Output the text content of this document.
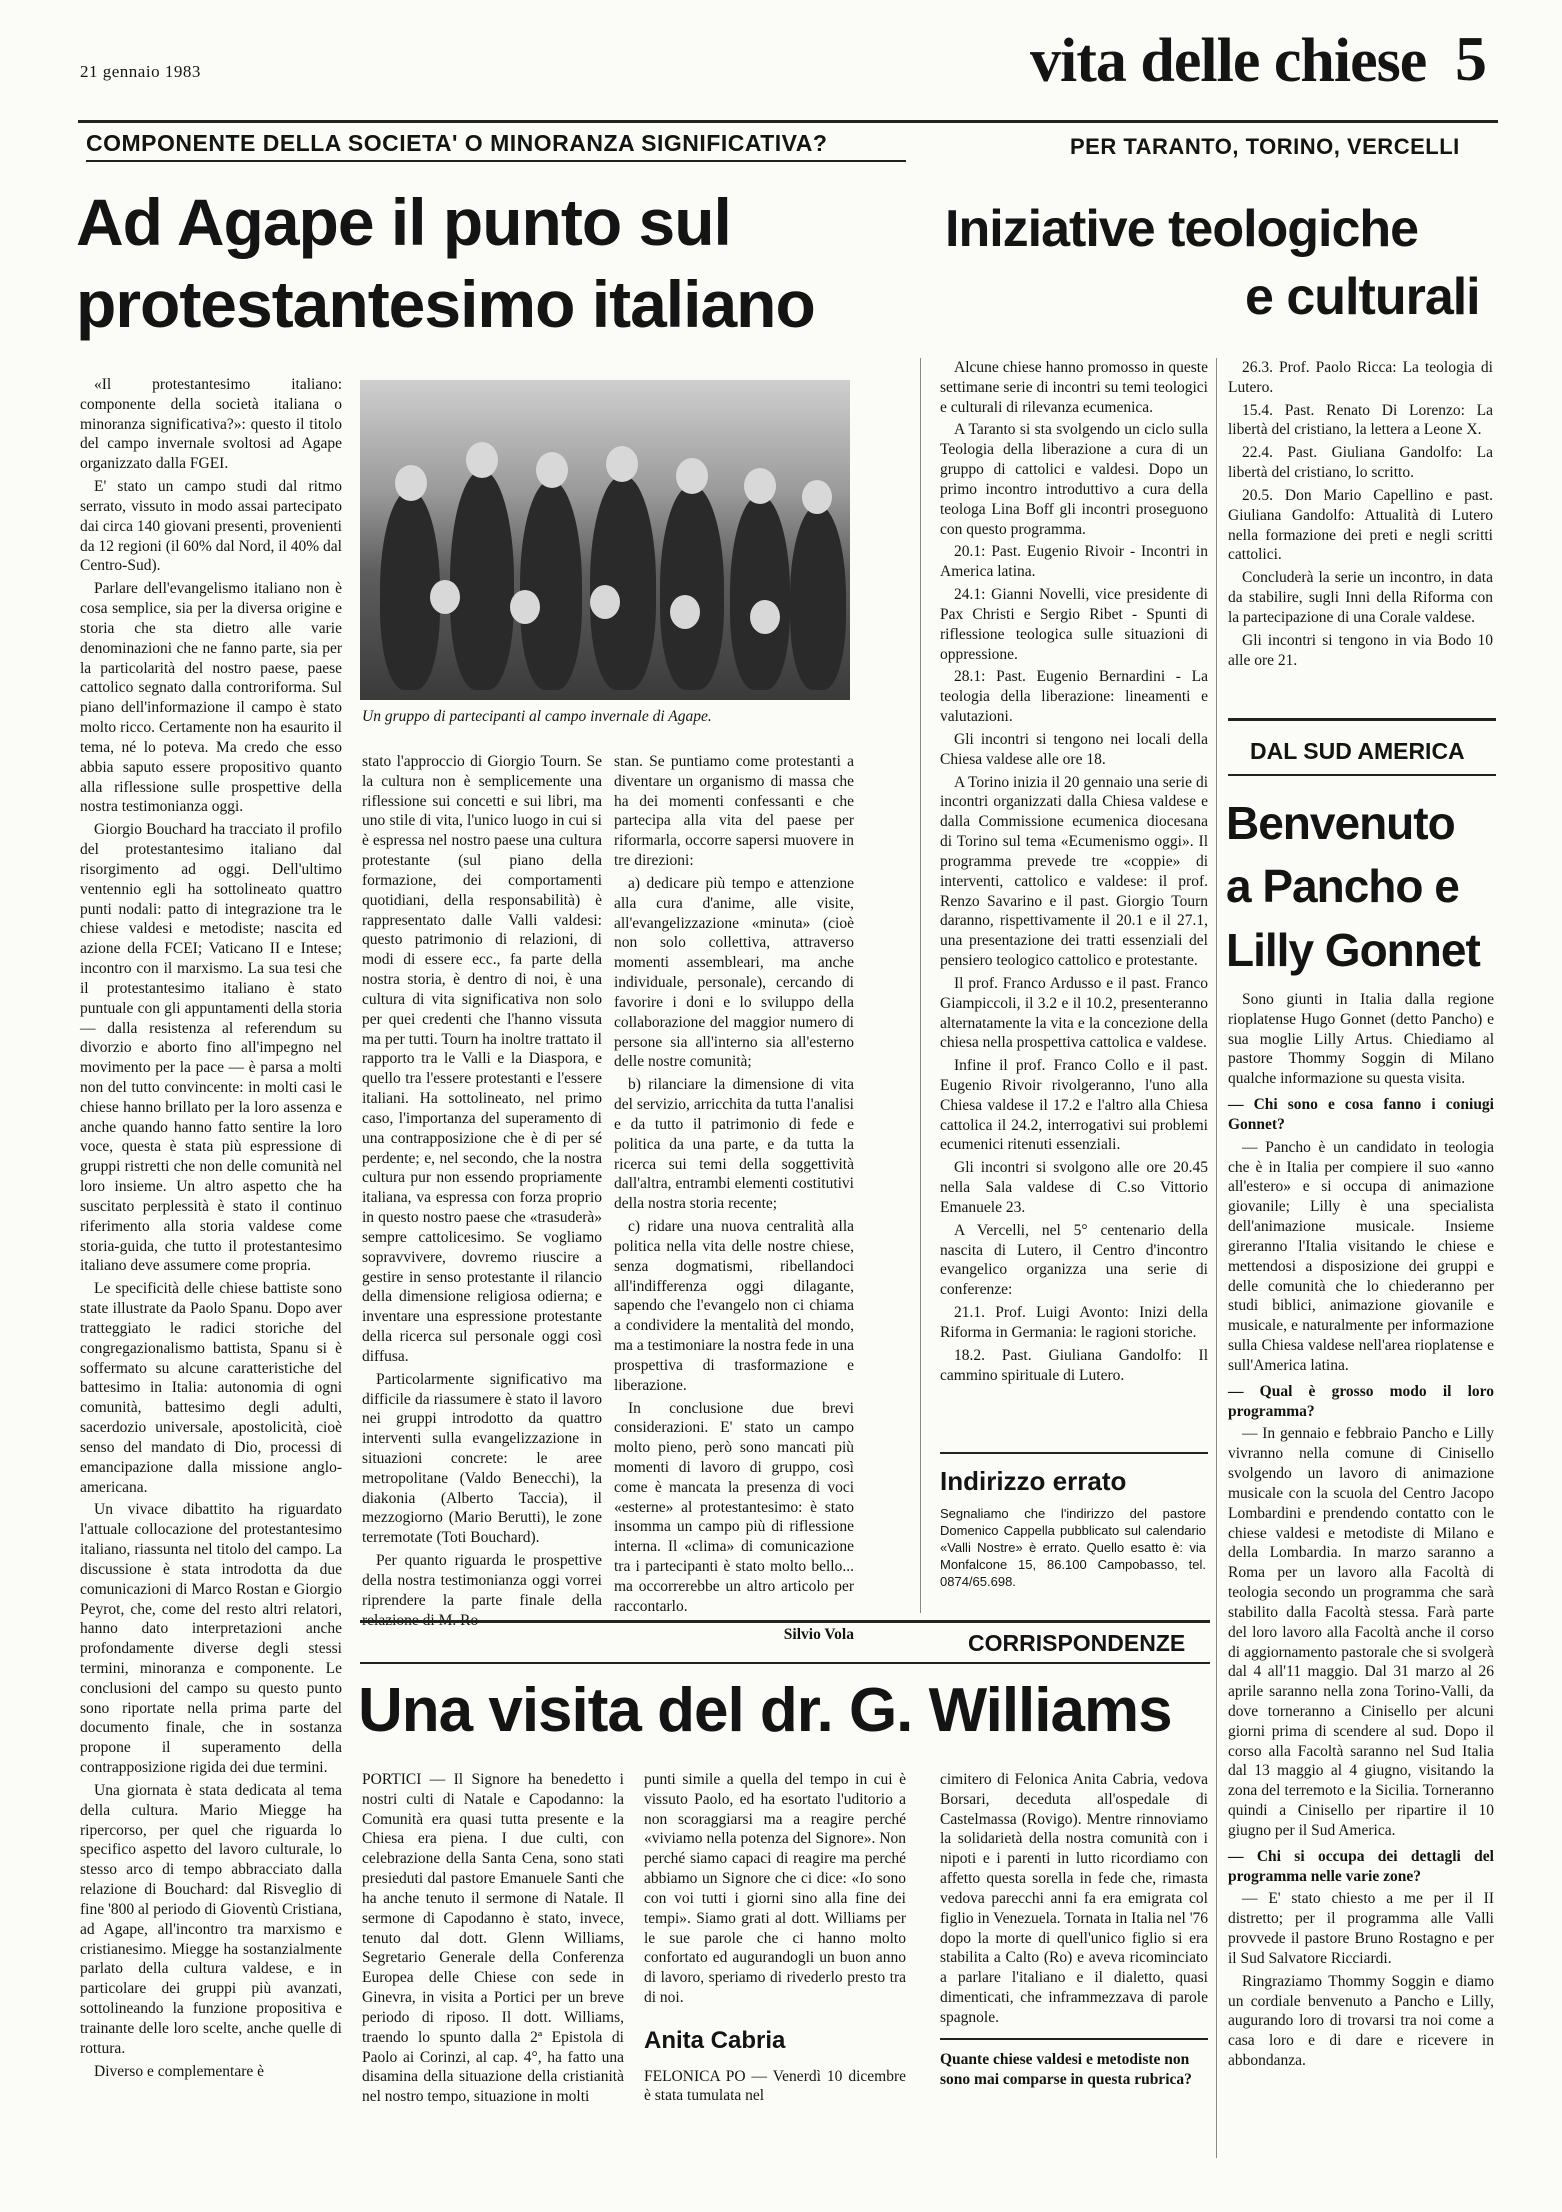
21 gennaio 1983	vita delle chiese 5
COMPONENTE DELLA SOCIETA' O MINORANZA SIGNIFICATIVA?
Ad Agape il punto sul
protestantesimo italiano

«Il protestantesimo italiano: componente della società italiana o minoranza significativa?»: questo il titolo del campo invernale svoltosi ad Agape organizzato dalla FGEI.

E' stato un campo studi dal ritmo serrato, vissuto in modo assai partecipato dai circa 140 giovani presenti, provenienti da 12 regioni (il 60% dal Nord, il 40% dal Centro-Sud).

Parlare dell'evangelismo italiano non è cosa semplice, sia per la diversa origine e storia che sta dietro alle varie denominazioni che ne fanno parte, sia per la particolarità del nostro paese, paese cattolico segnato dalla controriforma. Sul piano dell'informazione il campo è stato molto ricco. Certamente non ha esaurito il tema, né lo poteva. Ma credo che esso abbia saputo essere propositivo quanto alla riflessione sulle prospettive della nostra testimonianza oggi.

Giorgio Bouchard ha tracciato il profilo del protestantesimo italiano dal risorgimento ad oggi. Dell'ultimo ventennio egli ha sottolineato quattro punti nodali: patto di integrazione tra le chiese valdesi e metodiste; nascita ed azione della FCEI; Vaticano II e Intese; incontro con il marxismo. La sua tesi che il protestantesimo italiano è stato puntuale con gli appuntamenti della storia — dalla resistenza al referendum su divorzio e aborto fino all'impegno nel movimento per la pace — è parsa a molti non del tutto convincente: in molti casi le chiese hanno brillato per la loro assenza e anche quando hanno fatto sentire la loro voce, questa è stata più espressione di gruppi ristretti che non delle comunità nel loro insieme. Un altro aspetto che ha suscitato perplessità è stato il continuo riferimento alla storia valdese come storia-guida, che tutto il protestantesimo italiano deve assumere come propria.

Le specificità delle chiese battiste sono state illustrate da Paolo Spanu. Dopo aver tratteggiato le radici storiche del congregazionalismo battista, Spanu si è soffermato su alcune caratteristiche del battesimo in Italia: autonomia di ogni comunità, battesimo degli adulti, sacerdozio universale, apostolicità, cioè senso del mandato di Dio, processi di emancipazione dalla missione anglo-americana.

Un vivace dibattito ha riguardato l'attuale collocazione del protestantesimo italiano, riassunta nel titolo del campo. La discussione è stata introdotta da due comunicazioni di Marco Rostan e Giorgio Peyrot, che, come del resto altri relatori, hanno dato interpretazioni anche profondamente diverse degli stessi termini, minoranza e componente. Le conclusioni del campo su questo punto sono riportate nella prima parte del documento finale, che in sostanza propone il superamento della contrapposizione rigida dei due termini.

Una giornata è stata dedicata al tema della cultura. Mario Miegge ha ripercorso, per quel che riguarda lo specifico aspetto del lavoro culturale, lo stesso arco di tempo abbracciato dalla relazione di Bouchard: dal Risveglio di fine '800 al periodo di Gioventù Cristiana, ad Agape, all'incontro tra marxismo e cristianesimo. Miegge ha sostanzialmente parlato della cultura valdese, e in particolare dei gruppi più avanzati, sottolineando la funzione propositiva e trainante delle loro scelte, anche quelle di rottura.

Diverso e complementare è

Un gruppo di partecipanti al campo invernale di Agape.

stato l'approccio di Giorgio Tourn. Se la cultura non è semplicemente una riflessione sui concetti e sui libri, ma uno stile di vita, l'unico luogo in cui si è espressa nel nostro paese una cultura protestante (sul piano della formazione, dei comportamenti quotidiani, della responsabilità) è rappresentato dalle Valli valdesi: questo patrimonio di relazioni, di modi di essere ecc., fa parte della nostra storia, è dentro di noi, è una cultura di vita significativa non solo per quei credenti che l'hanno vissuta ma per tutti. Tourn ha inoltre trattato il rapporto tra le Valli e la Diaspora, e quello tra l'essere protestanti e l'essere italiani. Ha sottolineato, nel primo caso, l'importanza del superamento di una contrapposizione che è di per sé perdente; e, nel secondo, che la nostra cultura pur non essendo propriamente italiana, va espressa con forza proprio in questo nostro paese che «trasuderà» sempre cattolicesimo. Se vogliamo sopravvivere, dovremo riuscire a gestire in senso protestante il rilancio della dimensione religiosa odierna; e inventare una espressione protestante della ricerca sul personale oggi così diffusa.

Particolarmente significativo ma difficile da riassumere è stato il lavoro nei gruppi introdotto da quattro interventi sulla evangelizzazione in situazioni concrete: le aree metropolitane (Valdo Benecchi), la diakonia (Alberto Taccia), il mezzogiorno (Mario Berutti), le zone terremotate (Toti Bouchard).

Per quanto riguarda le prospettive della nostra testimonianza oggi vorrei riprendere la parte finale della

stan. Se puntiamo come protestanti a diventare un organismo di massa che ha dei momenti confessanti e che partecipa alla vita del paese per riformarla, occorre sapersi muovere in tre direzioni:

a) dedicare più tempo e attenzione alla cura d'anime, alle visite, all'evangelizzazione «minuta» (cioè non solo collettiva, attraverso momenti assembleari, ma anche individuale, personale), cercando di favorire i doni e lo sviluppo della collaborazione del maggior numero di persone sia all'interno sia all'esterno delle nostre comunità;

b) rilanciare la dimensione di vita del servizio, arricchita da tutta l'analisi e da tutto il patrimonio di fede e politica da una parte, e da tutta la ricerca sui temi della soggettività dall'altra, entrambi elementi costitutivi della nostra storia recente;

c) ridare una nuova centralità alla politica nella vita delle nostre chiese, senza dogmatismi, ribellandoci all'indifferenza oggi dilagante, sapendo che l'evangelo non ci chiama a condividere la mentalità del mondo, ma a testimoniare la nostra fede in una prospettiva di trasformazione e liberazione.

In conclusione due brevi considerazioni. E' stato un campo molto pieno, però sono mancati più momenti di lavoro di gruppo, così come è mancata la presenza di voci «esterne» al protestantesimo: è stato insomma un campo più di riflessione interna. Il «clima» di comunicazione tra i partecipanti è stato molto bello... ma occorrerebbe un altro articolo per raccontarlo.

Silvio Vola
PER TARANTO, TORINO, VERCELLI
Iniziative teologiche
e culturali

Alcune chiese hanno promosso in queste settimane serie di incontri su temi teologici e culturali di rilevanza ecumenica.

A Taranto si sta svolgendo un ciclo sulla Teologia della liberazione a cura di un gruppo di cattolici e valdesi. Dopo un primo incontro introduttivo a cura della teologa Lina Boff gli incontri proseguono con questo programma.

20.1: Past. Eugenio Rivoir - Incontri in America latina.

24.1: Gianni Novelli, vice presidente di Pax Christi e Sergio Ribet - Spunti di riflessione teologica sulle situazioni di oppressione.

28.1: Past. Eugenio Bernardini - La teologia della liberazione: lineamenti e valutazioni.

Gli incontri si tengono nei locali della Chiesa valdese alle ore 18.

A Torino inizia il 20 gennaio una serie di incontri organizzati dalla Chiesa valdese e dalla Commissione ecumenica diocesana di Torino sul tema «Ecumenismo oggi». Il programma prevede tre «coppie» di interventi, cattolico e valdese: il prof. Renzo Savarino e il past. Giorgio Tourn daranno, rispettivamente il 20.1 e il 27.1, una presentazione dei tratti essenziali del pensiero teologico cattolico e protestante.

Il prof. Franco Ardusso e il past. Franco Giampiccoli, il 3.2 e il 10.2, presenteranno alternatamente la vita e la concezione della chiesa nella prospettiva cattolica e valdese.

Infine il prof. Franco Collo e il past. Eugenio Rivoir rivolgeranno, l'uno alla Chiesa valdese il 17.2 e l'altro alla Chiesa cattolica il 24.2, interrogativi sui problemi ecumenici ritenuti essenziali.

Gli incontri si svolgono alle ore 20.45 nella Sala valdese di C.so Vittorio Emanuele 23.

A Vercelli, nel 5° centenario della nascita di Lutero, il Centro d'incontro evangelico organizza una serie di conferenze:

21.1. Prof. Luigi Avonto: Inizi della Riforma in Germania: le ragioni storiche.

18.2. Past. Giuliana Gandolfo: Il cammino spirituale di Lutero.

26.3. Prof. Paolo Ricca: La teologia di Lutero.

15.4. Past. Renato Di Lorenzo: La libertà del cristiano, la lettera a Leone X.

22.4. Past. Giuliana Gandolfo: La libertà del cristiano, lo scritto.

20.5. Don Mario Capellino e past. Giuliana Gandolfo: Attualità di Lutero nella formazione dei preti e negli scritti cattolici.

Concluderà la serie un incontro, in data da stabilire, sugli Inni della Riforma con la partecipazione di una Corale valdese.

Gli incontri si tengono in via Bodo 10 alle ore 21.

DAL SUD AMERICA
Benvenuto
a Pancho e
Lilly Gonnet

Sono giunti in Italia dalla regione rioplatense Hugo Gonnet (detto Pancho) e sua moglie Lilly Artus. Chiediamo al pastore Thommy Soggin di Milano qualche informazione su questa visita.

— Chi sono e cosa fanno i coniugi Gonnet?

— Pancho è un candidato in teologia che è in Italia per compiere il suo «anno all'estero» e si occupa di animazione giovanile; Lilly è una specialista dell'animazione musicale. Insieme gireranno l'Italia visitando le chiese e mettendosi a disposizione dei gruppi e delle comunità che lo chiederanno per studi biblici, animazione giovanile e musicale, e naturalmente per informazione sulla Chiesa valdese nell'area rioplatense e sull'America latina.

— Qual è grosso modo il loro programma?

— In gennaio e febbraio Pancho e Lilly vivranno nella comune di Cinisello svolgendo un lavoro di animazione musicale con la scuola del Centro Jacopo Lombardini e prendendo contatto con le chiese valdesi e metodiste di Milano e della Lombardia. In marzo saranno a Roma per un lavoro alla Facoltà di teologia secondo un programma che sarà stabilito dalla Facoltà stessa. Farà parte del loro lavoro alla Facoltà anche il corso di aggiornamento pastorale che si svolgerà dal 4 all'11 maggio. Dal 31 marzo al 26 aprile saranno nella zona Torino-Valli, da dove torneranno a Cinisello per alcuni giorni prima di scendere al sud. Dopo il corso alla Facoltà saranno nel Sud Italia dal 13 maggio al 4 giugno, visitando la zona del terremoto e la Sicilia. Torneranno quindi a Cinisello per ripartire il 10 giugno per il Sud America.

— Chi si occupa dei dettagli del programma nelle varie zone?

— E' stato chiesto a me per il II distretto; per il programma alle Valli provvede il pastore Bruno Rostagno e per il Sud Salvatore Ricciardi.

Ringraziamo Thommy Soggin e diamo un cordiale benvenuto a Pancho e Lilly, augurando loro di trovarsi tra noi come a casa loro e di dare e ricevere in abbondanza.

Indirizzo errato
Segnaliamo che l'indirizzo del pastore Domenico Cappella pubblicato sul calendario «Valli Nostre» è errato. Quello esatto è: via Monfalcone 15, 86.100 Campobasso, tel. 0874/65.698.
CORRISPONDENZE
Una visita del dr. G. Williams

PORTICI — Il Signore ha benedetto i nostri culti di Natale e Capodanno: la Comunità era quasi tutta presente e la Chiesa era piena. I due culti, con celebrazione della Santa Cena, sono stati presieduti dal pastore Emanuele Santi che ha anche tenuto il sermone di Natale. Il sermone di Capodanno è stato, invece, tenuto dal dott. Glenn Williams, Segretario Generale della Conferenza Europea delle Chiese con sede in Ginevra, in visita a Portici per un breve periodo di riposo. Il dott. Williams, traendo lo spunto dalla 2ª Epistola di Paolo ai Corinzi, al cap. 4°, ha fatto una disamina della situazione della cristianità nel nostro tempo, situazione in molti

punti simile a quella del tempo in cui è vissuto Paolo, ed ha esortato l'uditorio a non scoraggiarsi ma a reagire perché «viviamo nella potenza del Signore». Non perché siamo capaci di reagire ma perché abbiamo un Signore che ci dice: «Io sono con voi tutti i giorni sino alla fine dei tempi». Siamo grati al dott. Williams per le sue parole che ci hanno molto confortato ed augurandogli un buon anno di lavoro, speriamo di rivederlo presto tra di noi.

Anita Cabria

FELONICA PO — Venerdì 10 dicembre è stata tumulata nel

cimitero di Felonica Anita Cabria, vedova Borsari, deceduta all'ospedale di Castelmassa (Rovigo). Mentre rinnoviamo la solidarietà della nostra comunità con i nipoti e i parenti in lutto ricordiamo con affetto questa sorella in fede che, rimasta vedova parecchi anni fa era emigrata col figlio in Venezuela. Tornata in Italia nel '76 dopo la morte di quell'unico figlio si era stabilita a Calto (Ro) e aveva ricominciato a parlare l'italiano e il dialetto, quasi dimenticati, che inframmezzava di parole spagnole.

Quante chiese valdesi e metodiste non sono mai comparse in questa rubrica?
